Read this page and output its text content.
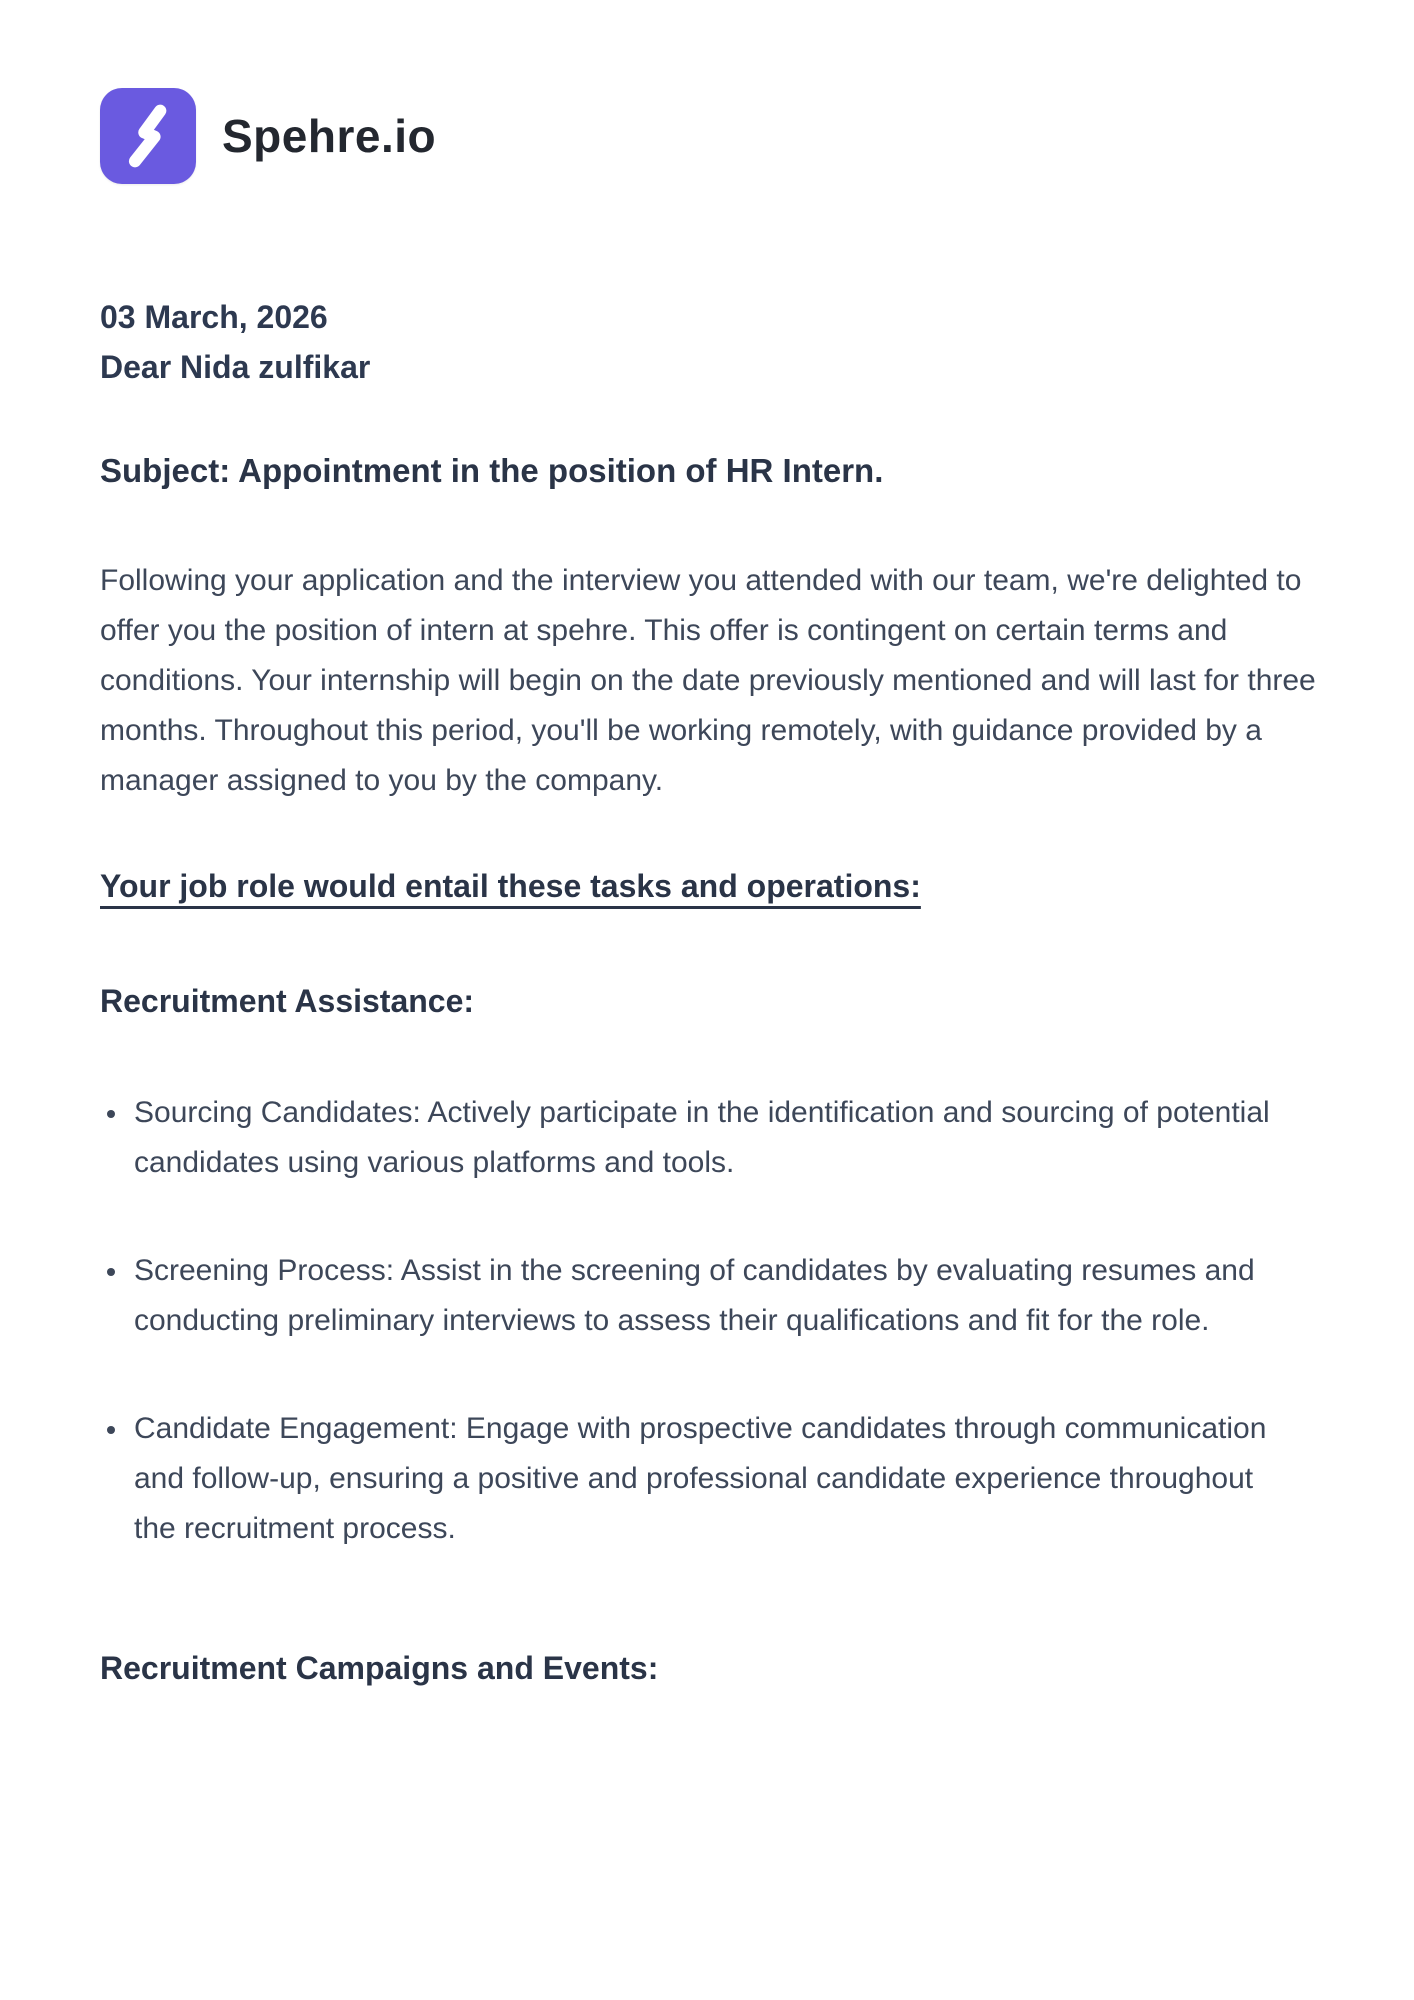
Spehre.io
03 March, 2026
Dear Nida zulfikar
Subject: Appointment in the position of HR Intern.

Following your application and the interview you attended with our team, we're delighted to offer you the position of intern at spehre. This offer is contingent on certain terms and conditions. Your internship will begin on the date previously mentioned and will last for three months. Throughout this period, you'll be working remotely, with guidance provided by a manager assigned to you by the company.

Your job role would entail these tasks and operations:
Recruitment Assistance:
• Sourcing Candidates: Actively participate in the identification and sourcing of potential candidates using various platforms and tools.
• Screening Process: Assist in the screening of candidates by evaluating resumes and conducting preliminary interviews to assess their qualifications and fit for the role.
• Candidate Engagement: Engage with prospective candidates through communication and follow-up, ensuring a positive and professional candidate experience throughout the recruitment process.
Recruitment Campaigns and Events:
